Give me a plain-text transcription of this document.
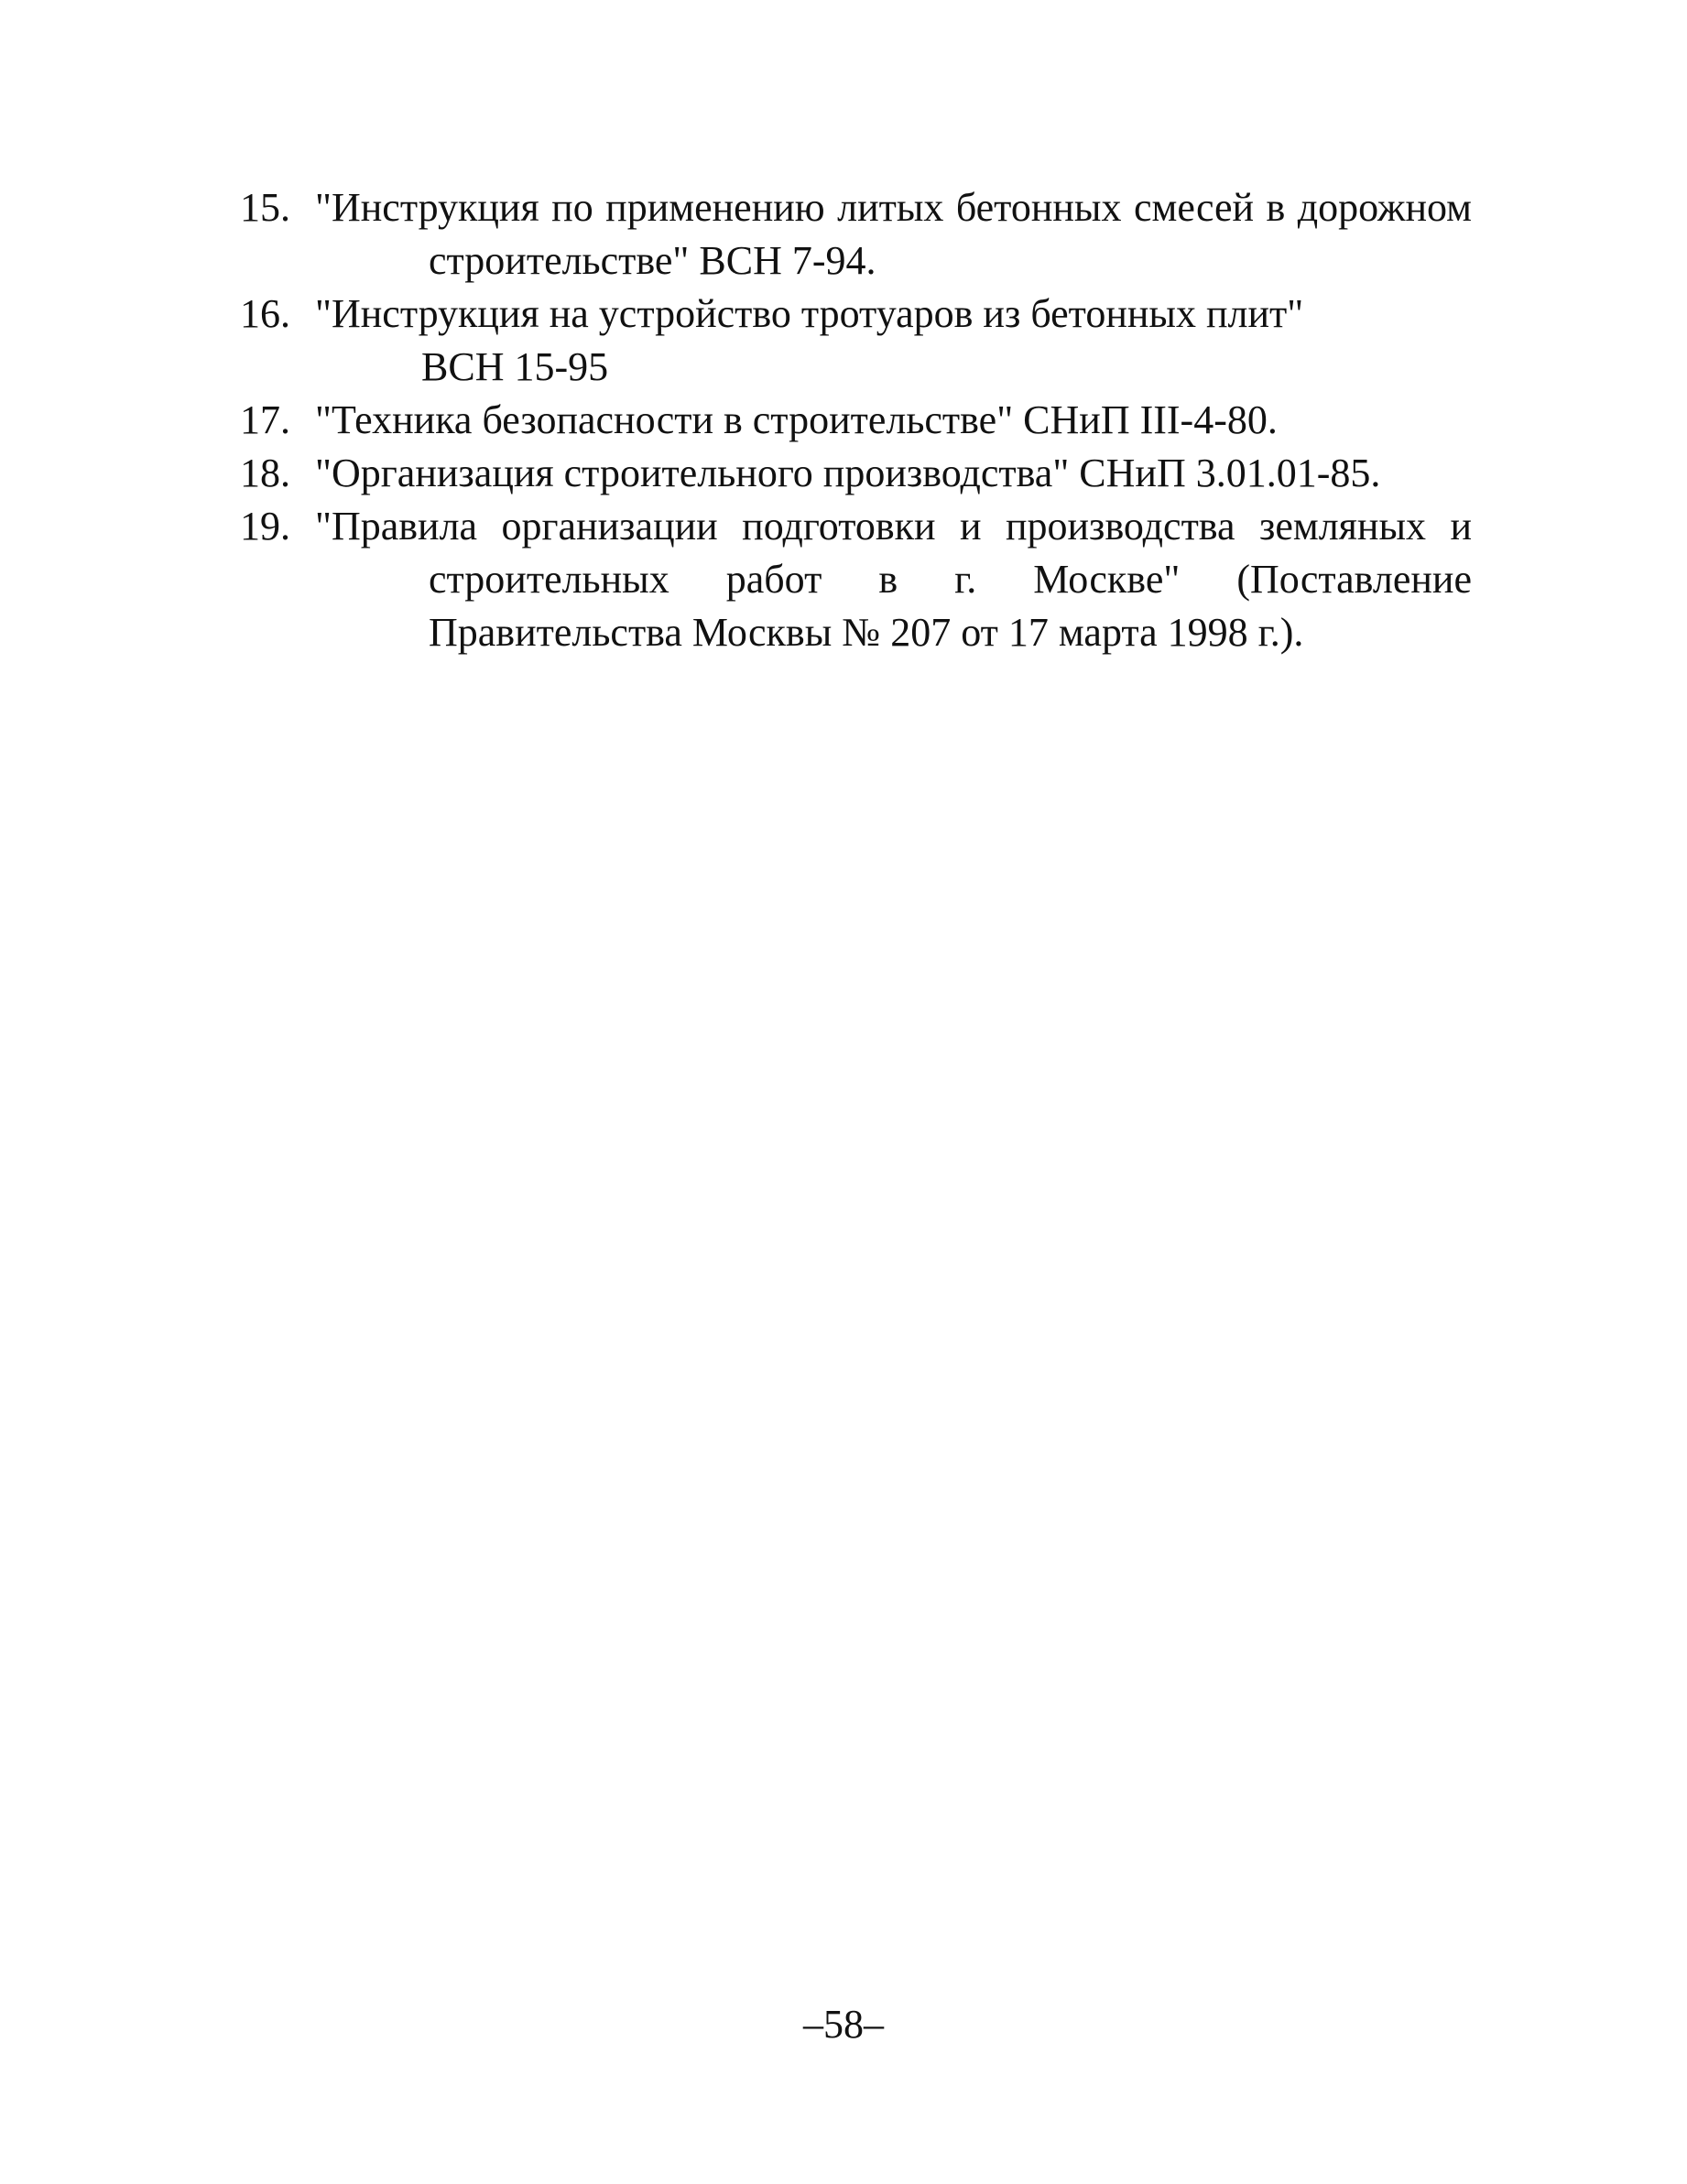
15. "Инструкция по применению литых бетонных смесей в дорожном
строительстве" ВСН 7-94.
16. "Инструкция на устройство тротуаров из бетонных плит"
ВСН 15-95
17. "Техника безопасности в строительстве" СНиП III-4-80.
18. "Организация строительного производства" СНиП 3.01.01-85.
19. "Правила организации подготовки и производства земляных и
строительных работ в г. Москве" (Поставление
Правительства Москвы № 207 от 17 марта 1998 г.).
–58–
